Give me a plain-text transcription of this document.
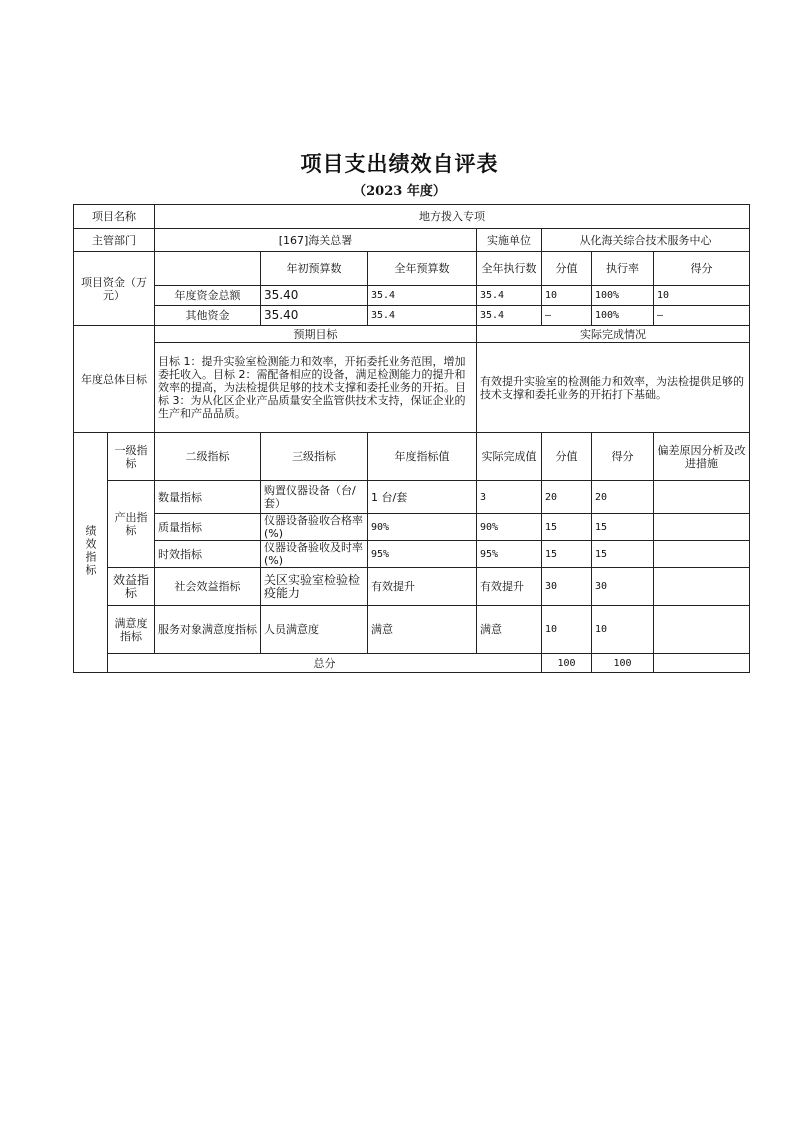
项目支出绩效自评表
（2023 年度）
项目名称		地方拨入专项						
主管部门		[167]海关总署			实施单位	从化海关综合技术服务中心		
项目资金（万元）			年初预算数	全年预算数	全年执行数	分值	执行率	得分
		年度资金总额	35.40	35.4	35.4	10	100%	10
		其他资金	35.40	35.4	35.4	—	100%	—
年度总体目标		预期目标			实际完成情况			
		目标 1：提升实验室检测能力和效率，开拓委托业务范围，增加委托收入。目标 2：需配备相应的设备，满足检测能力的提升和效率的提高，为法检提供足够的技术支撑和委托业务的开拓。目标 3：为从化区企业产品质量安全监管供技术支持，保证企业的生产和产品品质。			有效提升实验室的检测能力和效率，为法检提供足够的技术支撑和委托业务的开拓打下基础。			
绩效指标	一级指标	二级指标	三级指标	年度指标值	实际完成值	分值	得分	偏差原因分析及改进措施
	产出指标	数量指标	购置仪器设备（台/套）	1 台/套	3	20	20	
		质量指标	仪器设备验收合格率(%)	90%	90%	15	15	
		时效指标	仪器设备验收及时率(%)	95%	95%	15	15	
	效益指标	社会效益指标	关区实验室检验检疫能力	有效提升	有效提升	30	30	
	满意度指标	服务对象满意度指标	人员满意度	满意	满意	10	10	
	总分					100	100	
